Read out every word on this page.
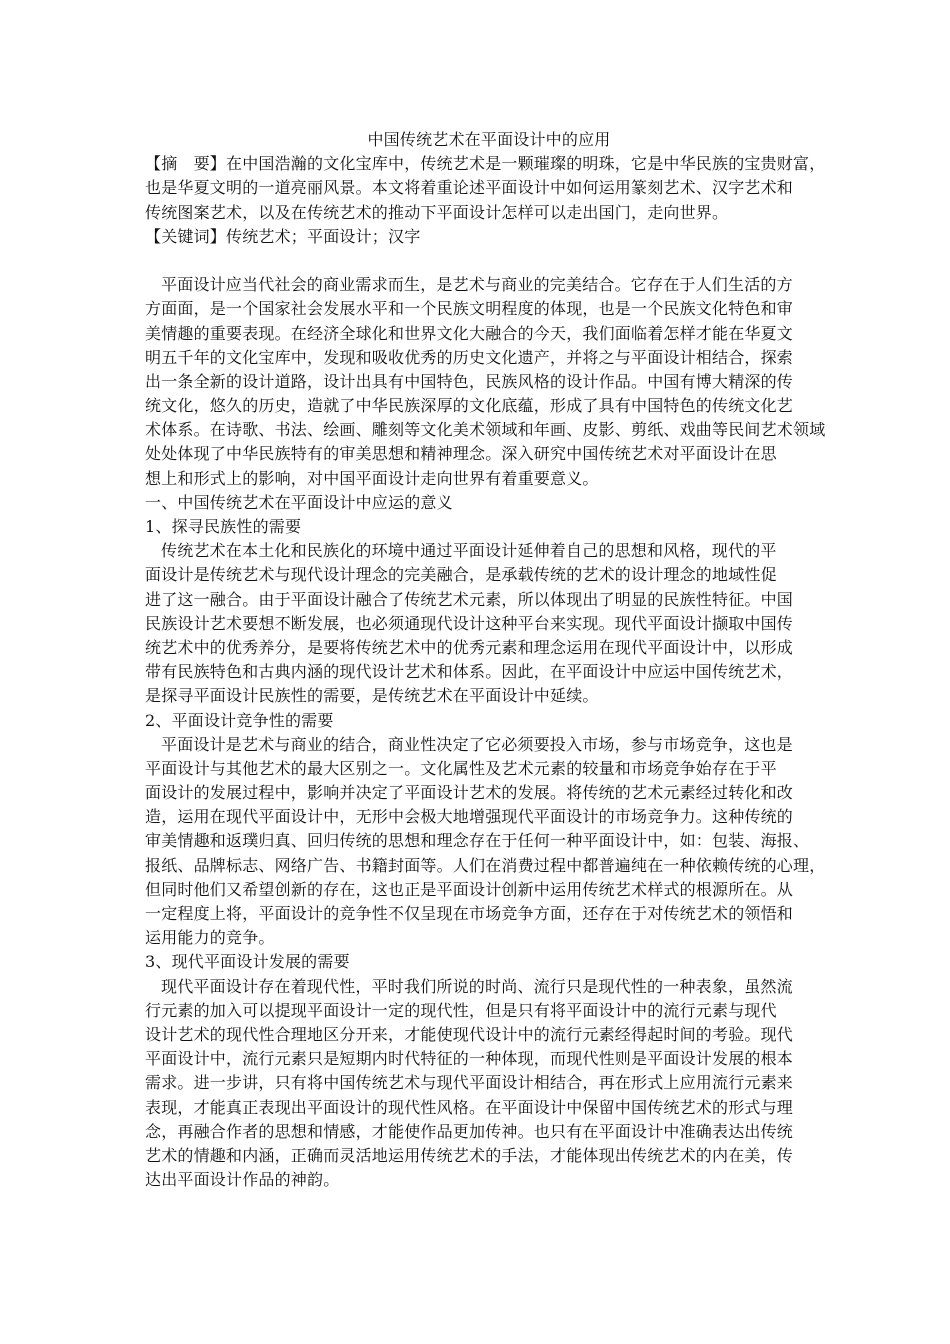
中国传统艺术在平面设计中的应用
【摘　要】在中国浩瀚的文化宝库中，传统艺术是一颗璀璨的明珠，它是中华民族的宝贵财富，
也是华夏文明的一道亮丽风景。本文将着重论述平面设计中如何运用篆刻艺术、汉字艺术和
传统图案艺术，以及在传统艺术的推动下平面设计怎样可以走出国门，走向世界。
【关键词】传统艺术；平面设计；汉字
平面设计应当代社会的商业需求而生，是艺术与商业的完美结合。它存在于人们生活的方
方面面，是一个国家社会发展水平和一个民族文明程度的体现，也是一个民族文化特色和审
美情趣的重要表现。在经济全球化和世界文化大融合的今天，我们面临着怎样才能在华夏文
明五千年的文化宝库中，发现和吸收优秀的历史文化遗产，并将之与平面设计相结合，探索
出一条全新的设计道路，设计出具有中国特色，民族风格的设计作品。中国有博大精深的传
统文化，悠久的历史，造就了中华民族深厚的文化底蕴，形成了具有中国特色的传统文化艺
术体系。在诗歌、书法、绘画、雕刻等文化美术领域和年画、皮影、剪纸、戏曲等民间艺术领域
处处体现了中华民族特有的审美思想和精神理念。深入研究中国传统艺术对平面设计在思
想上和形式上的影响，对中国平面设计走向世界有着重要意义。
一、中国传统艺术在平面设计中应运的意义
1、探寻民族性的需要
传统艺术在本土化和民族化的环境中通过平面设计延伸着自己的思想和风格，现代的平
面设计是传统艺术与现代设计理念的完美融合，是承载传统的艺术的设计理念的地域性促
进了这一融合。由于平面设计融合了传统艺术元素，所以体现出了明显的民族性特征。中国
民族设计艺术要想不断发展，也必须通现代设计这种平台来实现。现代平面设计撷取中国传
统艺术中的优秀养分，是要将传统艺术中的优秀元素和理念运用在现代平面设计中，以形成
带有民族特色和古典内涵的现代设计艺术和体系。因此，在平面设计中应运中国传统艺术，
是探寻平面设计民族性的需要，是传统艺术在平面设计中延续。
2、平面设计竞争性的需要
平面设计是艺术与商业的结合，商业性决定了它必须要投入市场，参与市场竞争，这也是
平面设计与其他艺术的最大区别之一。文化属性及艺术元素的较量和市场竞争始存在于平
面设计的发展过程中，影响并决定了平面设计艺术的发展。将传统的艺术元素经过转化和改
造，运用在现代平面设计中，无形中会极大地增强现代平面设计的市场竞争力。这种传统的
审美情趣和返璞归真、回归传统的思想和理念存在于任何一种平面设计中，如：包装、海报、
报纸、品牌标志、网络广告、书籍封面等。人们在消费过程中都普遍纯在一种依赖传统的心理，
但同时他们又希望创新的存在，这也正是平面设计创新中运用传统艺术样式的根源所在。从
一定程度上将，平面设计的竞争性不仅呈现在市场竞争方面，还存在于对传统艺术的领悟和
运用能力的竞争。
3、现代平面设计发展的需要
现代平面设计存在着现代性，平时我们所说的时尚、流行只是现代性的一种表象，虽然流
行元素的加入可以提现平面设计一定的现代性，但是只有将平面设计中的流行元素与现代
设计艺术的现代性合理地区分开来，才能使现代设计中的流行元素经得起时间的考验。现代
平面设计中，流行元素只是短期内时代特征的一种体现，而现代性则是平面设计发展的根本
需求。进一步讲，只有将中国传统艺术与现代平面设计相结合，再在形式上应用流行元素来
表现，才能真正表现出平面设计的现代性风格。在平面设计中保留中国传统艺术的形式与理
念，再融合作者的思想和情感，才能使作品更加传神。也只有在平面设计中准确表达出传统
艺术的情趣和内涵，正确而灵活地运用传统艺术的手法，才能体现出传统艺术的内在美，传
达出平面设计作品的神韵。
